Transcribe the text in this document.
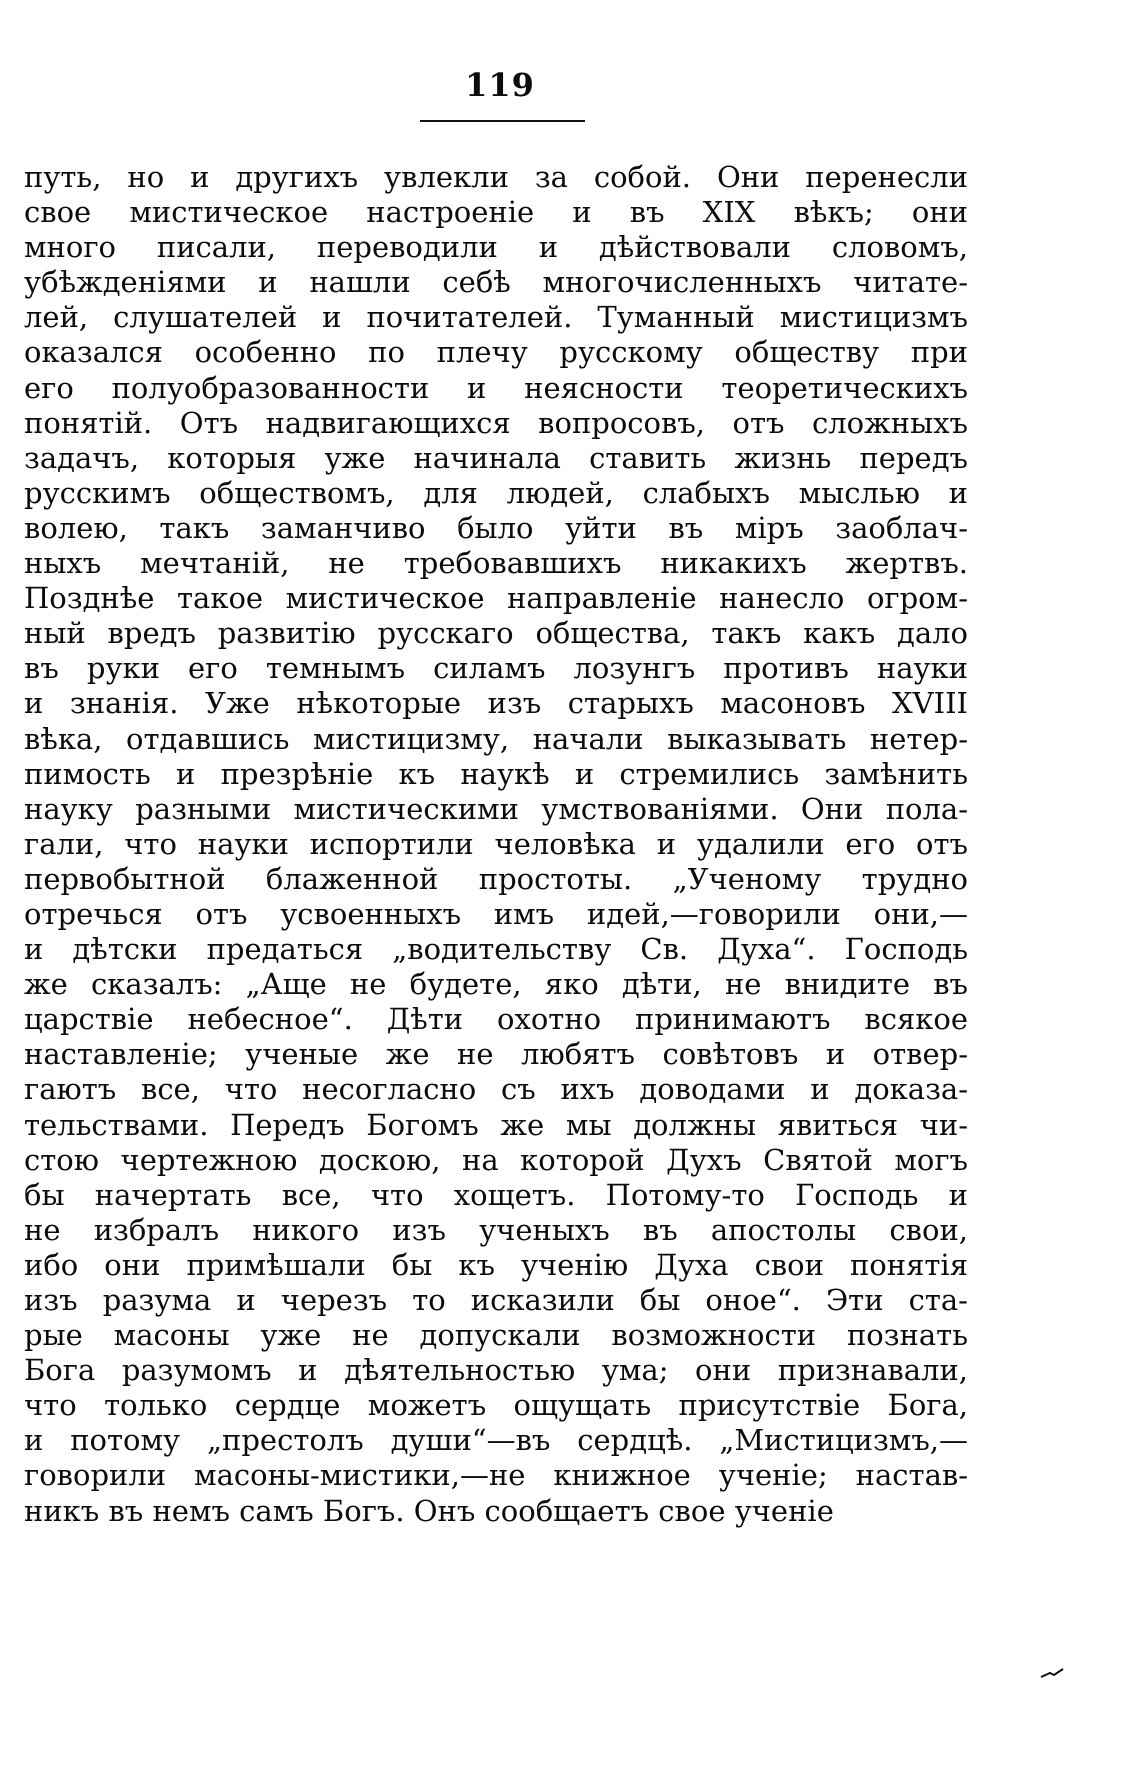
119
путь, но и другихъ увлекли за собой. Они перенесли
свое мистическое настроенiе и въ XIX вѣкъ; они
много писали, переводили и дѣйствовали словомъ,
убѣжденiями и нашли себѣ многочисленныхъ читате-
лей, слушателей и почитателей. Туманный мистицизмъ
оказался особенно по плечу русскому обществу при
его полуобразованности и неясности теоретическихъ
понятiй. Отъ надвигающихся вопросовъ, отъ сложныхъ
задачъ, которыя уже начинала ставить жизнь передъ
русскимъ обществомъ, для людей, слабыхъ мыслью и
волею, такъ заманчиво было уйти въ мiръ заоблач-
ныхъ мечтанiй, не требовавшихъ никакихъ жертвъ.
Позднѣе такое мистическое направленiе нанесло огром-
ный вредъ развитiю русскаго общества, такъ какъ дало
въ руки его темнымъ силамъ лозунгъ противъ науки
и знанiя. Уже нѣкоторые изъ старыхъ масоновъ XVIII
вѣка, отдавшись мистицизму, начали выказывать нетер-
пимость и презрѣнiе къ наукѣ и стремились замѣнить
науку разными мистическими умствованiями. Они пола-
гали, что науки испортили человѣка и удалили его отъ
первобытной блаженной простоты. „Ученому трудно
отречься отъ усвоенныхъ имъ идей,—говорили они,—
и дѣтски предаться „водительству Св. Духа“. Господь
же сказалъ: „Аще не будете, яко дѣти, не внидите въ
царствiе небесное“. Дѣти охотно принимаютъ всякое
наставленiе; ученые же не любятъ совѣтовъ и отвер-
гаютъ все, что несогласно съ ихъ доводами и доказа-
тельствами. Передъ Богомъ же мы должны явиться чи-
стою чертежною доскою, на которой Духъ Святой могъ
бы начертать все, что хощетъ. Потому-то Господь и
не избралъ никого изъ ученыхъ въ апостолы свои,
ибо они примѣшали бы къ ученiю Духа свои понятiя
изъ разума и черезъ то исказили бы оное“. Эти ста-
рые масоны уже не допускали возможности познать
Бога разумомъ и дѣятельностью ума; они признавали,
что только сердце можетъ ощущать присутствiе Бога,
и потому „престолъ души“—въ сердцѣ. „Мистицизмъ,—
говорили масоны-мистики,—не книжное ученiе; настав-
никъ въ немъ самъ Богъ. Онъ сообщаетъ свое ученiе
